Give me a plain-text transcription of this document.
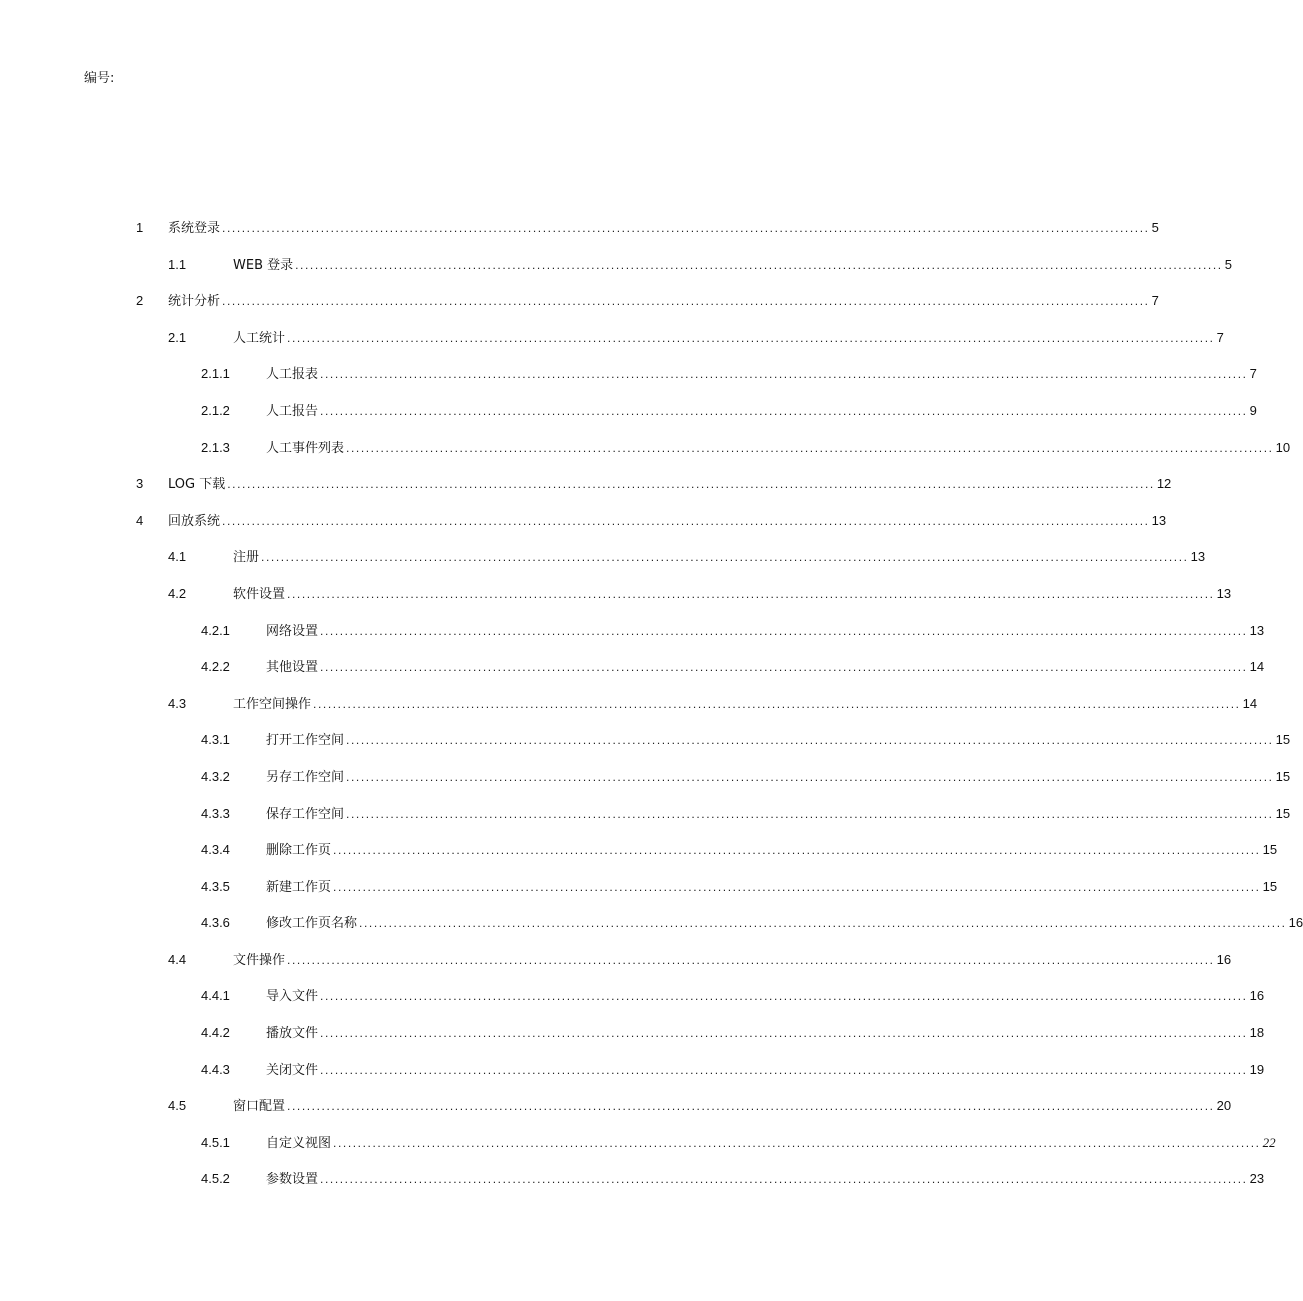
编号:
1 系统登录 ............................................................................................................................................................................................ 5
1.1	WEB 登录 ............................................................................................................................................................................................ 5
2 统计分析 ............................................................................................................................................................................................ 7
2.1	人工统计 ............................................................................................................................................................................................ 7
2.1.1	人工报表 ............................................................................................................................................................................................ 7
2.1.2	人工报告 ............................................................................................................................................................................................ 9
2.1.3	人工事件列表 ............................................................................................................................................................................................ 10
3 LOG 下载 ............................................................................................................................................................................................ 12
4 回放系统 ............................................................................................................................................................................................ 13
4.1	注册 ............................................................................................................................................................................................ 13
4.2	软件设置 ............................................................................................................................................................................................ 13
4.2.1	网络设置 ............................................................................................................................................................................................ 13
4.2.2	其他设置 ............................................................................................................................................................................................ 14
4.3	工作空间操作 ............................................................................................................................................................................................ 14
4.3.1	打开工作空间 ............................................................................................................................................................................................ 15
4.3.2	另存工作空间 ............................................................................................................................................................................................ 15
4.3.3	保存工作空间 ............................................................................................................................................................................................ 15
4.3.4	删除工作页 ............................................................................................................................................................................................ 15
4.3.5	新建工作页 ............................................................................................................................................................................................ 15
4.3.6	修改工作页名称 ............................................................................................................................................................................................ 16
4.4	文件操作 ............................................................................................................................................................................................ 16
4.4.1	导入文件 ............................................................................................................................................................................................ 16
4.4.2	播放文件 ............................................................................................................................................................................................ 18
4.4.3	关闭文件 ............................................................................................................................................................................................ 19
4.5	窗口配置 ............................................................................................................................................................................................ 20
4.5.1	自定义视图 ............................................................................................................................................................................................ 22
4.5.2	参数设置 ............................................................................................................................................................................................ 23
